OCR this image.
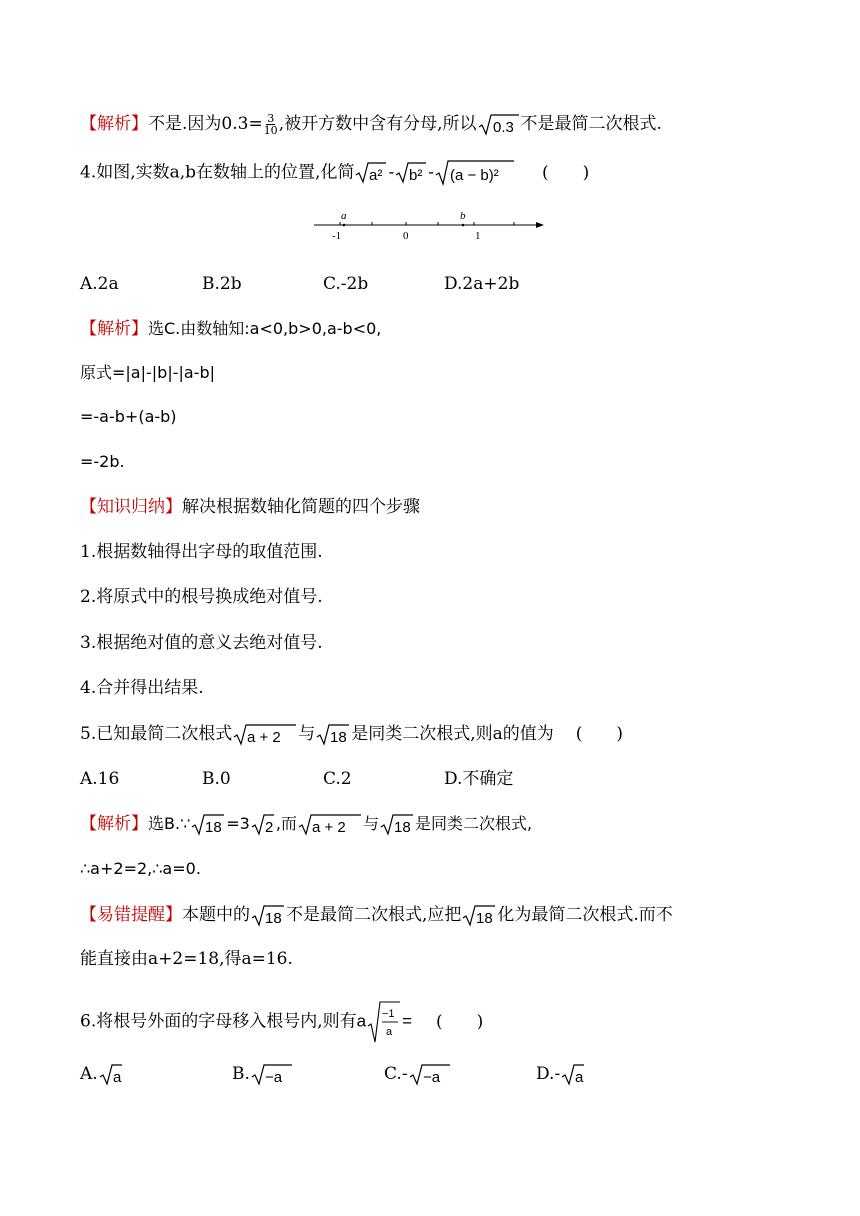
【解析】不是.因为$0.3= \frac{3}{10}$ ,被开方数中含有分母,所以 0.3 不是最简二次根式.
4.如图,实数a,b在数轴上的位置,化简 a² - b² - (a − b)²	(　　)
a	b
-1	0	1
A.2a	B.2b	C.-2b	D.2a+2b
【解析】选C.由数轴知:a<0,b>0,a-b<0,
原式=|a|-|b|-|a-b|
=-a-b+(a-b)
=-2b.
【知识归纳】解决根据数轴化简题的四个步骤
1.根据数轴得出字母的取值范围.
2.将原式中的根号换成绝对值号.
3.根据绝对值的意义去绝对值号.
4.合并得出结果.
5.已知最简二次根式 a + 2 与 18 是同类二次根式,则a的值为 (　　)
A.16	B.0	C.2	D.不确定
【解析】选B.∵ 18 =3 2 ,而 a + 2 与 18 是同类二次根式,
∴a+2=2,∴a=0.
【易错提醒】本题中的 18 不是最简二次根式,应把 18 化为最简二次根式.而不
能直接由a+2=18,得a=16.
6.将根号外面的字母移入根号内,则有a −1
a
= (　　)
A. a	B. −a	C.- −a	D.- a
